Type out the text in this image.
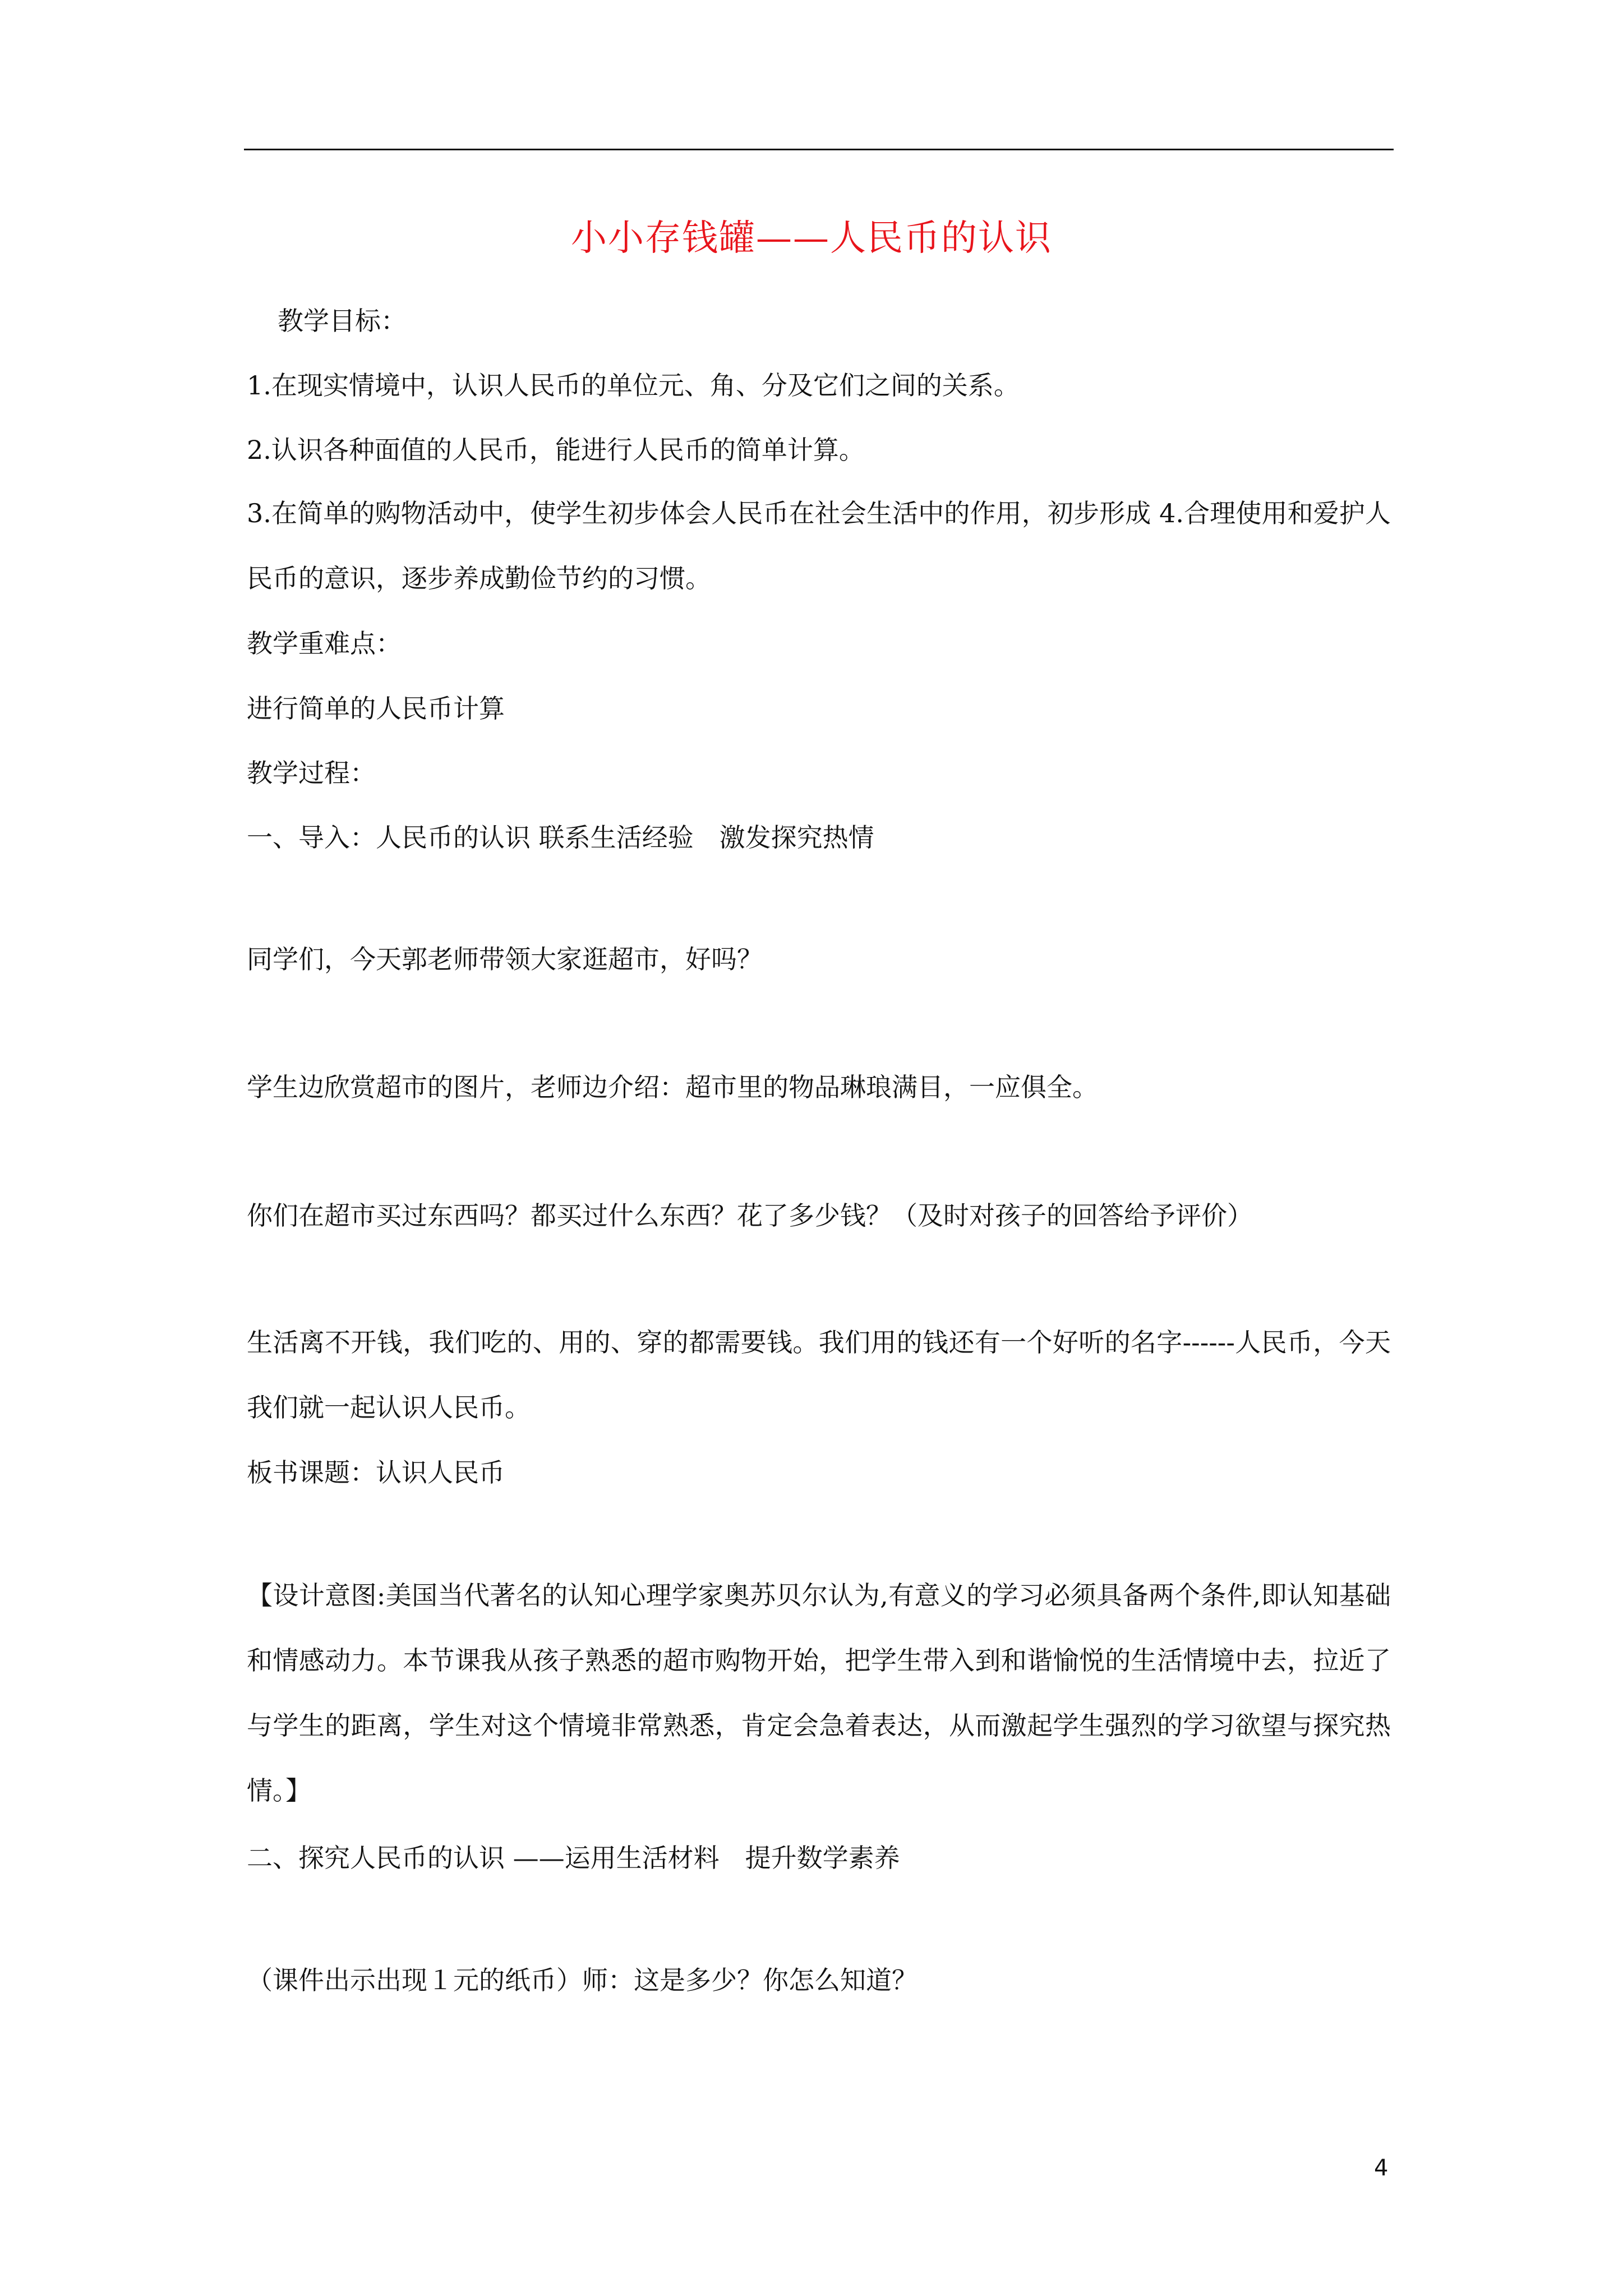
小小存钱罐——人民币的认识
教学目标：
1.在现实情境中，认识人民币的单位元、角、分及它们之间的关系。
2.认识各种面值的人民币，能进行人民币的简单计算。
3.在简单的购物活动中，使学生初步体会人民币在社会生活中的作用，初步形成 4.合理使用和爱护人民币的意识，逐步养成勤俭节约的习惯。
教学重难点：
进行简单的人民币计算
教学过程：
一、导入：人民币的认识 联系生活经验　激发探究热情
同学们，今天郭老师带领大家逛超市，好吗？
学生边欣赏超市的图片，老师边介绍：超市里的物品琳琅满目，一应俱全。
你们在超市买过东西吗？都买过什么东西？花了多少钱？（及时对孩子的回答给予评价）
生活离不开钱，我们吃的、用的、穿的都需要钱。我们用的钱还有一个好听的名字------人民币，今天我们就一起认识人民币。
板书课题：认识人民币
【设计意图:美国当代著名的认知心理学家奥苏贝尔认为,有意义的学习必须具备两个条件,即认知基础和情感动力。本节课我从孩子熟悉的超市购物开始，把学生带入到和谐愉悦的生活情境中去，拉近了与学生的距离，学生对这个情境非常熟悉，肯定会急着表达，从而激起学生强烈的学习欲望与探究热情。】
二、探究人民币的认识 ——运用生活材料　提升数学素养
（课件出示出现１元的纸币）师：这是多少？你怎么知道？
4
